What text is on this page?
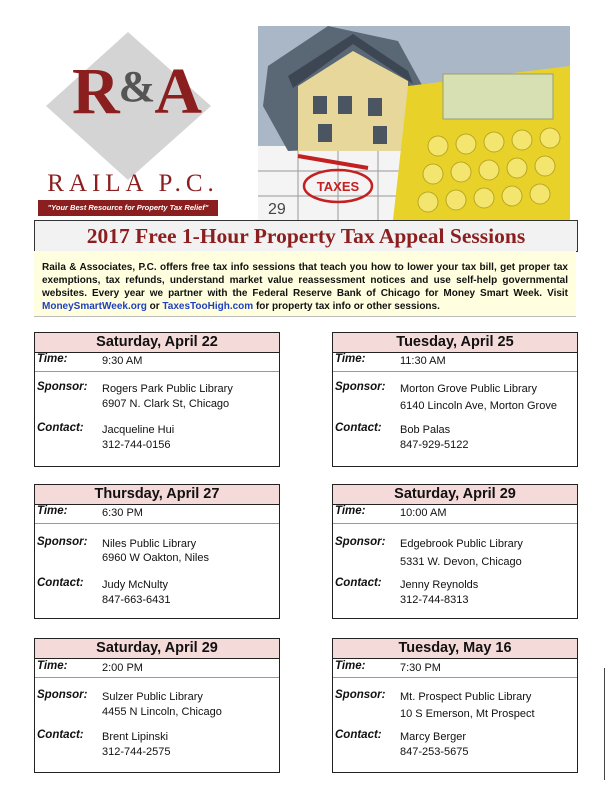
R&A
RAILA P.C.
"Your Best Resource for Property Tax Relief"
TAXES
29
2017 Free 1-Hour Property Tax Appeal Sessions
Raila & Associates, P.C. offers free tax info sessions that teach you how to lower your tax bill, get proper tax exemptions, tax refunds, understand market value reassessment notices and use self-help governmental websites. Every year we partner with the Federal Reserve Bank of Chicago for Money Smart Week. Visit MoneySmartWeek.org or TaxesTooHigh.com for property tax info or other sessions.
Saturday, April 22
Time:	9:30 AM
Sponsor: Rogers Park Public Library
6907 N. Clark St, Chicago
Contact: Jacqueline Hui
312-744-0156
Tuesday, April 25
Time:	11:30 AM
Sponsor: Morton Grove Public Library
6140 Lincoln Ave, Morton Grove
Contact: Bob Palas
847-929-5122
Thursday, April 27
Time:	6:30 PM
Sponsor: Niles Public Library
6960 W Oakton, Niles
Contact: Judy McNulty
847-663-6431
Saturday, April 29
Time:	10:00 AM
Sponsor: Edgebrook Public Library
5331 W. Devon, Chicago
Contact: Jenny Reynolds
312-744-8313
Saturday, April 29
Time:	2:00 PM
Sponsor: Sulzer Public Library
4455 N Lincoln, Chicago
Contact: Brent Lipinski
312-744-2575
Tuesday, May 16
Time:	7:30 PM
Sponsor: Mt. Prospect Public Library
10 S Emerson, Mt Prospect
Contact: Marcy Berger
847-253-5675
